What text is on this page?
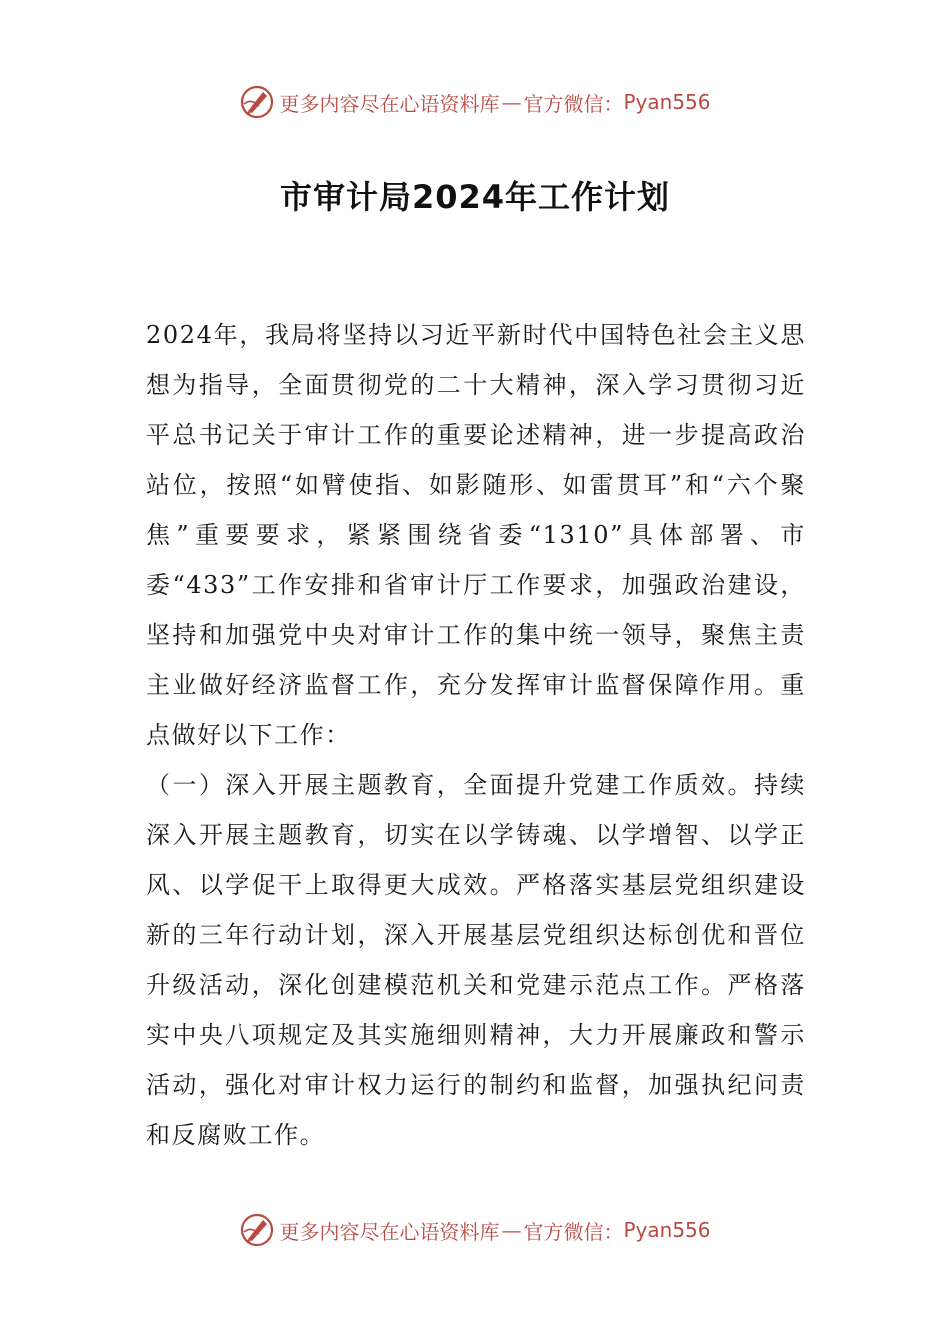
更多内容尽在心语资料库 — 官方微信： Pyan556
市审计局2024年工作计划

2024年，我局将坚持以习近平新时代中国特色社会主义思想为指导，全面贯彻党的二十大精神，深入学习贯彻习近平总书记关于审计工作的重要论述精神，进一步提高政治站位，按照“如臂使指、如影随形、如雷贯耳”和“六个聚焦”重要要求，紧紧围绕省委“1310”具体部署、市委“433”工作安排和省审计厅工作要求，加强政治建设，坚持和加强党中央对审计工作的集中统一领导，聚焦主责主业做好经济监督工作，充分发挥审计监督保障作用。重点做好以下工作：

（一）深入开展主题教育，全面提升党建工作质效。持续深入开展主题教育，切实在以学铸魂、以学增智、以学正风、以学促干上取得更大成效。严格落实基层党组织建设新的三年行动计划，深入开展基层党组织达标创优和晋位升级活动，深化创建模范机关和党建示范点工作。严格落实中央八项规定及其实施细则精神，大力开展廉政和警示活动，强化对审计权力运行的制约和监督，加强执纪问责和反腐败工作。

更多内容尽在心语资料库 — 官方微信： Pyan556
